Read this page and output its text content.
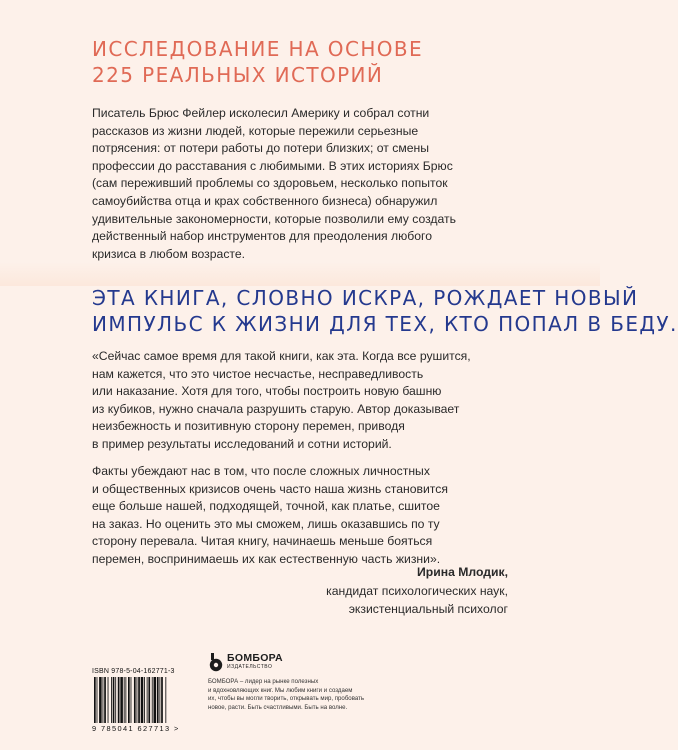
ИССЛЕДОВАНИЕ НА ОСНОВЕ
225 РЕАЛЬНЫХ ИСТОРИЙ

Писатель Брюс Фейлер исколесил Америку и собрал сотни
рассказов из жизни людей, которые пережили серьезные
потрясения: от потери работы до потери близких; от смены
профессии до расставания с любимыми. В этих историях Брюс
(сам переживший проблемы со здоровьем, несколько попыток
самоубийства отца и крах собственного бизнеса) обнаружил
удивительные закономерности, которые позволили ему создать
действенный набор инструментов для преодоления любого
кризиса в любом возрасте.

ЭТА КНИГА, СЛОВНО ИСКРА, РОЖДАЕТ НОВЫЙ
ИМПУЛЬС К ЖИЗНИ ДЛЯ ТЕХ, КТО ПОПАЛ В БЕДУ.

«Сейчас самое время для такой книги, как эта. Когда все рушится,
нам кажется, что это чистое несчастье, несправедливость
или наказание. Хотя для того, чтобы построить новую башню
из кубиков, нужно сначала разрушить старую. Автор доказывает
неизбежность и позитивную сторону перемен, приводя
в пример результаты исследований и сотни историй.

Факты убеждают нас в том, что после сложных личностных
и общественных кризисов очень часто наша жизнь становится
еще больше нашей, подходящей, точной, как платье, сшитое
на заказ. Но оценить это мы сможем, лишь оказавшись по ту
сторону перевала. Читая книгу, начинаешь меньше бояться
перемен, воспринимаешь их как естественную часть жизни».

Ирина Млодик,
кандидат психологических наук,
экзистенциальный психолог

ISBN 978-5-04-162771-3
9 785041 627713 >
БОМБОРА
ИЗДАТЕЛЬСТВО
БОМБОРА – лидер на рынке полезных
и вдохновляющих книг. Мы любим книги и создаем
их, чтобы вы могли творить, открывать мир, пробовать
новое, расти. Быть счастливыми. Быть на волне.
